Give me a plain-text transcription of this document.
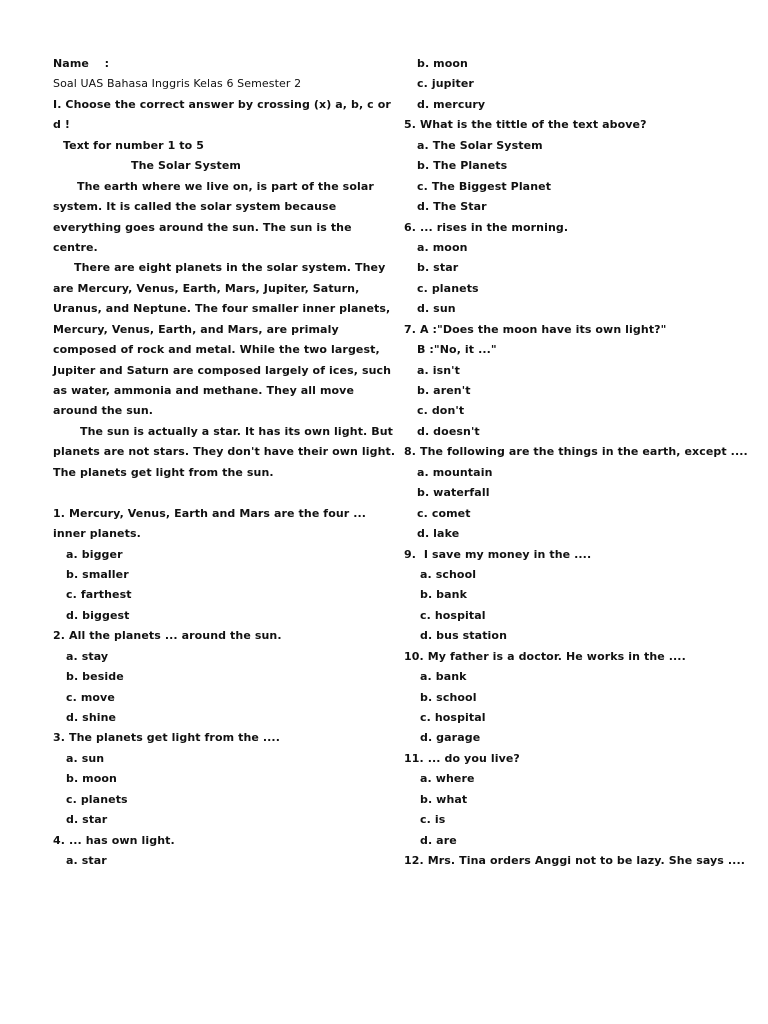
Name    :
Soal UAS Bahasa Inggris Kelas 6 Semester 2
I. Choose the correct answer by crossing (x) a, b, c or
d !
Text for number 1 to 5
The Solar System
The earth where we live on, is part of the solar
system. It is called the solar system because
everything goes around the sun. The sun is the
centre.
There are eight planets in the solar system. They
are Mercury, Venus, Earth, Mars, Jupiter, Saturn,
Uranus, and Neptune. The four smaller inner planets,
Mercury, Venus, Earth, and Mars, are primaly
composed of rock and metal. While the two largest,
Jupiter and Saturn are composed largely of ices, such
as water, ammonia and methane. They all move
around the sun.
The sun is actually a star. It has its own light. But
planets are not stars. They don't have their own light.
The planets get light from the sun.
1. Mercury, Venus, Earth and Mars are the four ...
inner planets.
a. bigger
b. smaller
c. farthest
d. biggest
2. All the planets ... around the sun.
a. stay
b. beside
c. move
d. shine
3. The planets get light from the ....
a. sun
b. moon
c. planets
d. star
4. ... has own light.
a. star
b. moon
c. jupiter
d. mercury
5. What is the tittle of the text above?
a. The Solar System
b. The Planets
c. The Biggest Planet
d. The Star
6. ... rises in the morning.
a. moon
b. star
c. planets
d. sun
7. A :"Does the moon have its own light?"
B :"No, it ..."
a. isn't
b. aren't
c. don't
d. doesn't
8. The following are the things in the earth, except ....
a. mountain
b. waterfall
c. comet
d. lake
9.  I save my money in the ....
a. school
b. bank
c. hospital
d. bus station
10. My father is a doctor. He works in the ....
a. bank
b. school
c. hospital
d. garage
11. ... do you live?
a. where
b. what
c. is
d. are
12. Mrs. Tina orders Anggi not to be lazy. She says ....
